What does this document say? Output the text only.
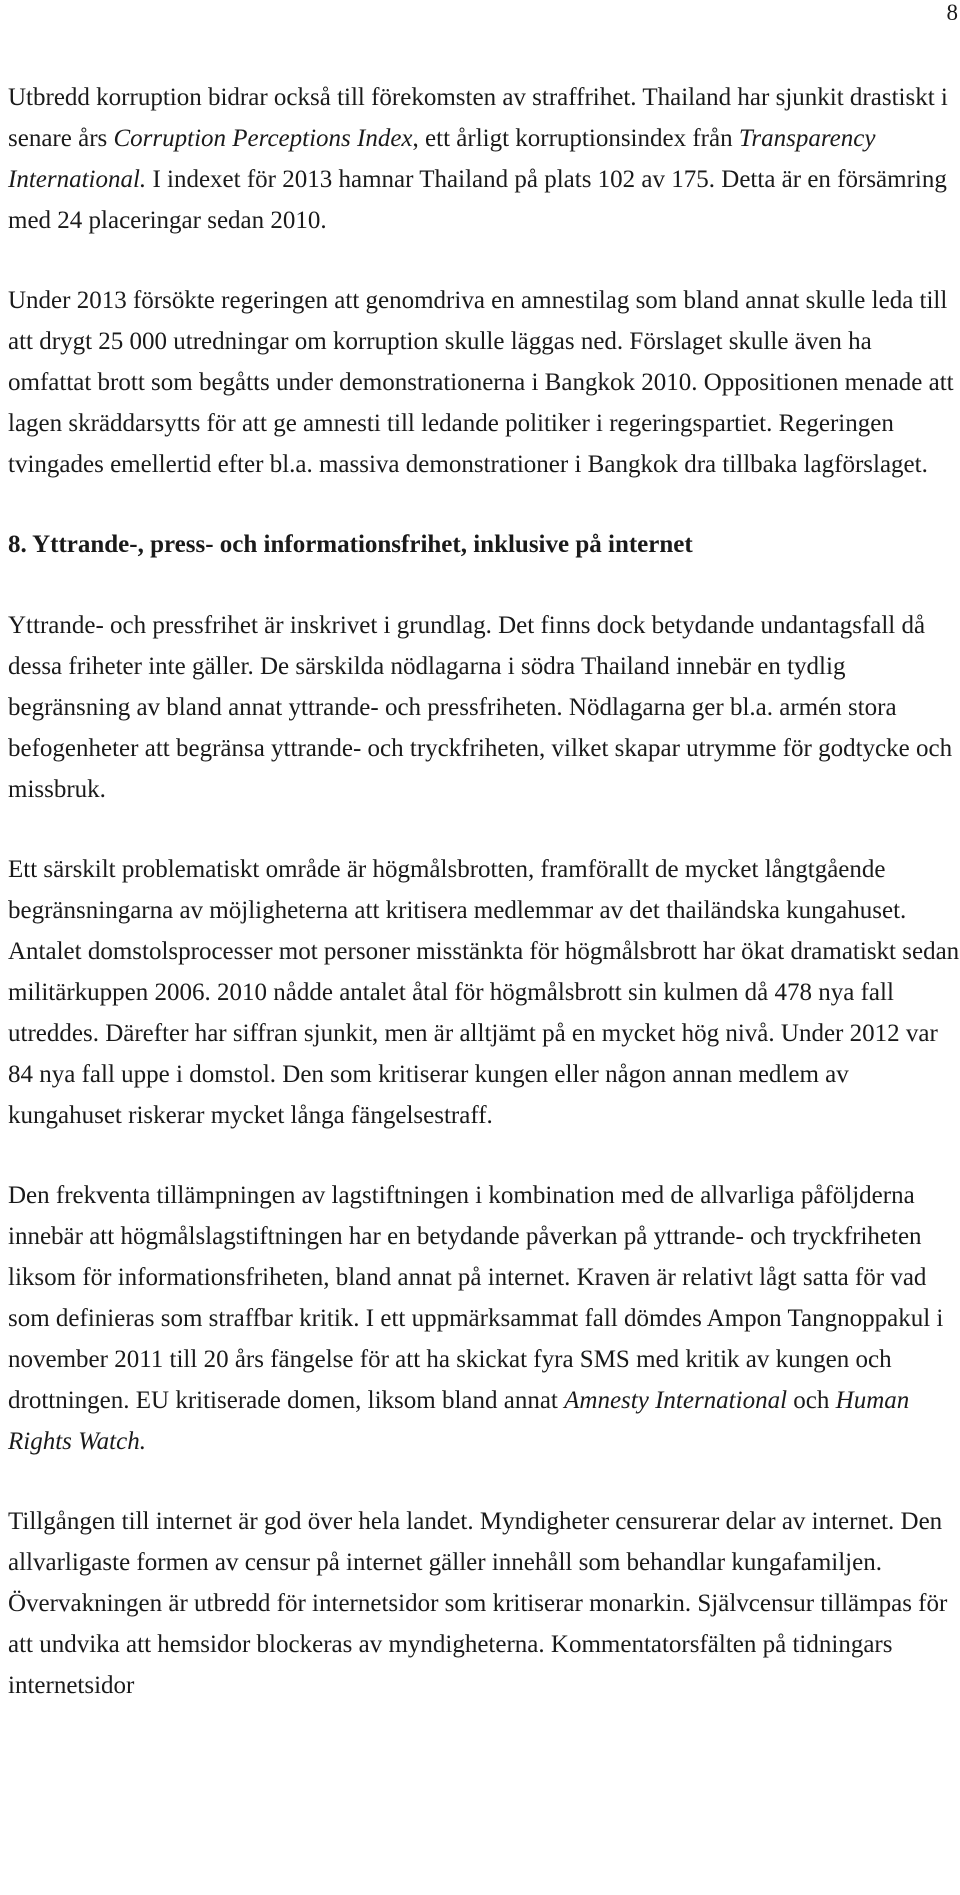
8

Utbredd korruption bidrar också till förekomsten av straffrihet. Thailand har sjunkit drastiskt i senare års Corruption Perceptions Index, ett årligt korruptionsindex från Transparency International. I indexet för 2013 hamnar Thailand på plats 102 av 175. Detta är en försämring med 24 placeringar sedan 2010.

Under 2013 försökte regeringen att genomdriva en amnestilag som bland annat skulle leda till att drygt 25 000 utredningar om korruption skulle läggas ned. Förslaget skulle även ha omfattat brott som begåtts under demonstrationerna i Bangkok 2010. Oppositionen menade att lagen skräddarsytts för att ge amnesti till ledande politiker i regeringspartiet. Regeringen tvingades emellertid efter bl.a. massiva demonstrationer i Bangkok dra tillbaka lagförslaget.

8. Yttrande-, press- och informationsfrihet, inklusive på internet

Yttrande- och pressfrihet är inskrivet i grundlag. Det finns dock betydande undantagsfall då dessa friheter inte gäller. De särskilda nödlagarna i södra Thailand innebär en tydlig begränsning av bland annat yttrande- och pressfriheten. Nödlagarna ger bl.a. armén stora befogenheter att begränsa yttrande- och tryckfriheten, vilket skapar utrymme för godtycke och missbruk.

Ett särskilt problematiskt område är högmålsbrotten, framförallt de mycket långtgående begränsningarna av möjligheterna att kritisera medlemmar av det thailändska kungahuset. Antalet domstolsprocesser mot personer misstänkta för högmålsbrott har ökat dramatiskt sedan militärkuppen 2006. 2010 nådde antalet åtal för högmålsbrott sin kulmen då 478 nya fall utreddes. Därefter har siffran sjunkit, men är alltjämt på en mycket hög nivå. Under 2012 var 84 nya fall uppe i domstol. Den som kritiserar kungen eller någon annan medlem av kungahuset riskerar mycket långa fängelsestraff.

Den frekventa tillämpningen av lagstiftningen i kombination med de allvarliga påföljderna innebär att högmålslagstiftningen har en betydande påverkan på yttrande- och tryckfriheten liksom för informationsfriheten, bland annat på internet. Kraven är relativt lågt satta för vad som definieras som straffbar kritik. I ett uppmärksammat fall dömdes Ampon Tangnoppakul i november 2011 till 20 års fängelse för att ha skickat fyra SMS med kritik av kungen och drottningen. EU kritiserade domen, liksom bland annat Amnesty International och Human Rights Watch.

Tillgången till internet är god över hela landet. Myndigheter censurerar delar av internet. Den allvarligaste formen av censur på internet gäller innehåll som behandlar kungafamiljen. Övervakningen är utbredd för internetsidor som kritiserar monarkin. Självcensur tillämpas för att undvika att hemsidor blockeras av myndigheterna. Kommentatorsfälten på tidningars internetsidor
